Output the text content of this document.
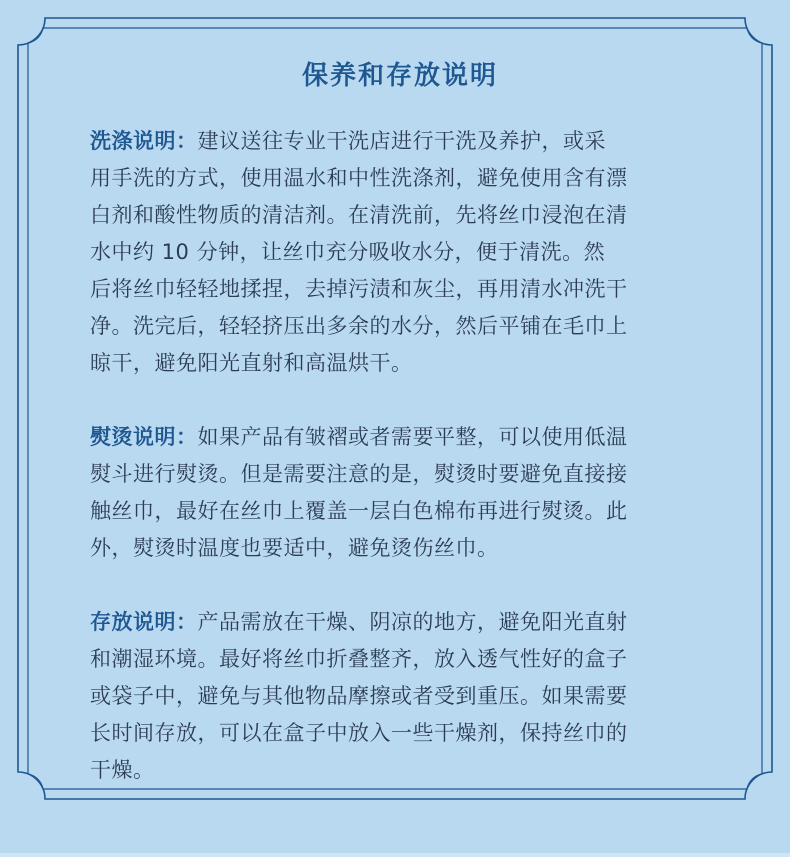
保养和存放说明
洗涤说明：建议送往专业干洗店进行干洗及养护，或采
用手洗的方式，使用温水和中性洗涤剂，避免使用含有漂
白剂和酸性物质的清洁剂。在清洗前，先将丝巾浸泡在清
水中约 10 分钟，让丝巾充分吸收水分，便于清洗。然
后将丝巾轻轻地揉捏，去掉污渍和灰尘，再用清水冲洗干
净。洗完后，轻轻挤压出多余的水分，然后平铺在毛巾上
晾干，避免阳光直射和高温烘干。
熨烫说明：如果产品有皱褶或者需要平整，可以使用低温
熨斗进行熨烫。但是需要注意的是，熨烫时要避免直接接
触丝巾，最好在丝巾上覆盖一层白色棉布再进行熨烫。此
外，熨烫时温度也要适中，避免烫伤丝巾。
存放说明：产品需放在干燥、阴凉的地方，避免阳光直射
和潮湿环境。最好将丝巾折叠整齐，放入透气性好的盒子
或袋子中，避免与其他物品摩擦或者受到重压。如果需要
长时间存放，可以在盒子中放入一些干燥剂，保持丝巾的
干燥。
